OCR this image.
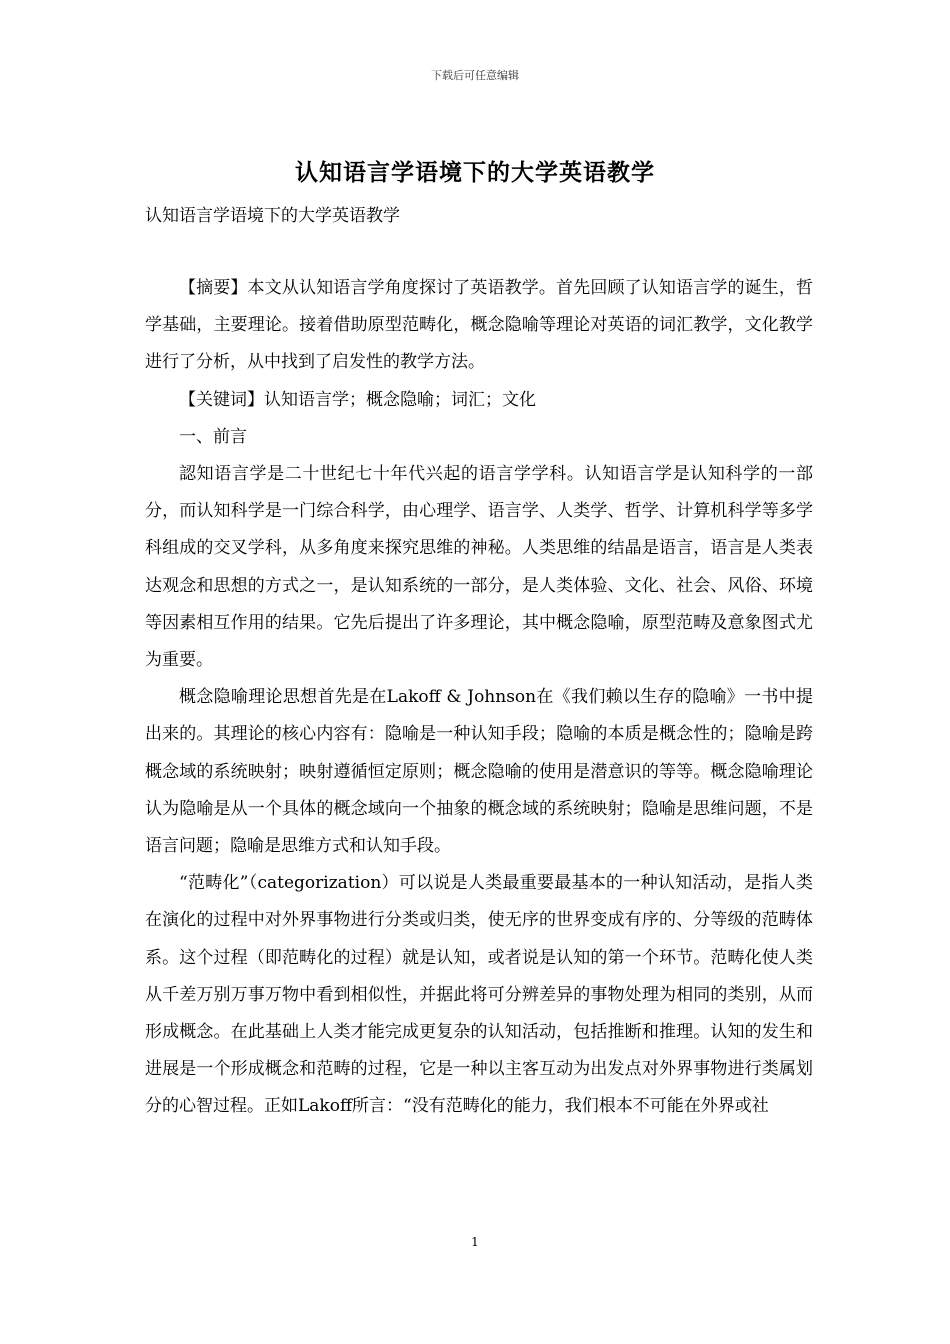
下载后可任意编辑
认知语言学语境下的大学英语教学
认知语言学语境下的大学英语教学

【摘要】本文从认知语言学角度探讨了英语教学。首先回顾了认知语言学的诞生，哲学基础，主要理论。接着借助原型范畴化，概念隐喻等理论对英语的词汇教学，文化教学进行了分析，从中找到了启发性的教学方法。

【关键词】认知语言学；概念隐喻；词汇；文化

一、前言

認知语言学是二十世纪七十年代兴起的语言学学科。认知语言学是认知科学的一部分，而认知科学是一门综合科学，由心理学、语言学、人类学、哲学、计算机科学等多学科组成的交叉学科，从多角度来探究思维的神秘。人类思维的结晶是语言，语言是人类表达观念和思想的方式之一，是认知系统的一部分，是人类体验、文化、社会、风俗、环境等因素相互作用的结果。它先后提出了许多理论，其中概念隐喻，原型范畴及意象图式尤为重要。

概念隐喻理论思想首先是在Lakoff & Johnson在《我们赖以生存的隐喻》一书中提出来的。其理论的核心内容有：隐喻是一种认知手段；隐喻的本质是概念性的；隐喻是跨概念域的系统映射；映射遵循恒定原则；概念隐喻的使用是潜意识的等等。概念隐喻理论认为隐喻是从一个具体的概念域向一个抽象的概念域的系统映射；隐喻是思维问题，不是语言问题；隐喻是思维方式和认知手段。

“范畴化”（categorization）可以说是人类最重要最基本的一种认知活动，是指人类在演化的过程中对外界事物进行分类或归类，使无序的世界变成有序的、分等级的范畴体系。这个过程（即范畴化的过程）就是认知，或者说是认知的第一个环节。范畴化使人类从千差万别万事万物中看到相似性，并据此将可分辨差异的事物处理为相同的类别，从而形成概念。在此基础上人类才能完成更复杂的认知活动，包括推断和推理。认知的发生和进展是一个形成概念和范畴的过程，它是一种以主客互动为出发点对外界事物进行类属划分的心智过程。正如Lakoff所言：“没有范畴化的能力，我们根本不可能在外界或社

1
